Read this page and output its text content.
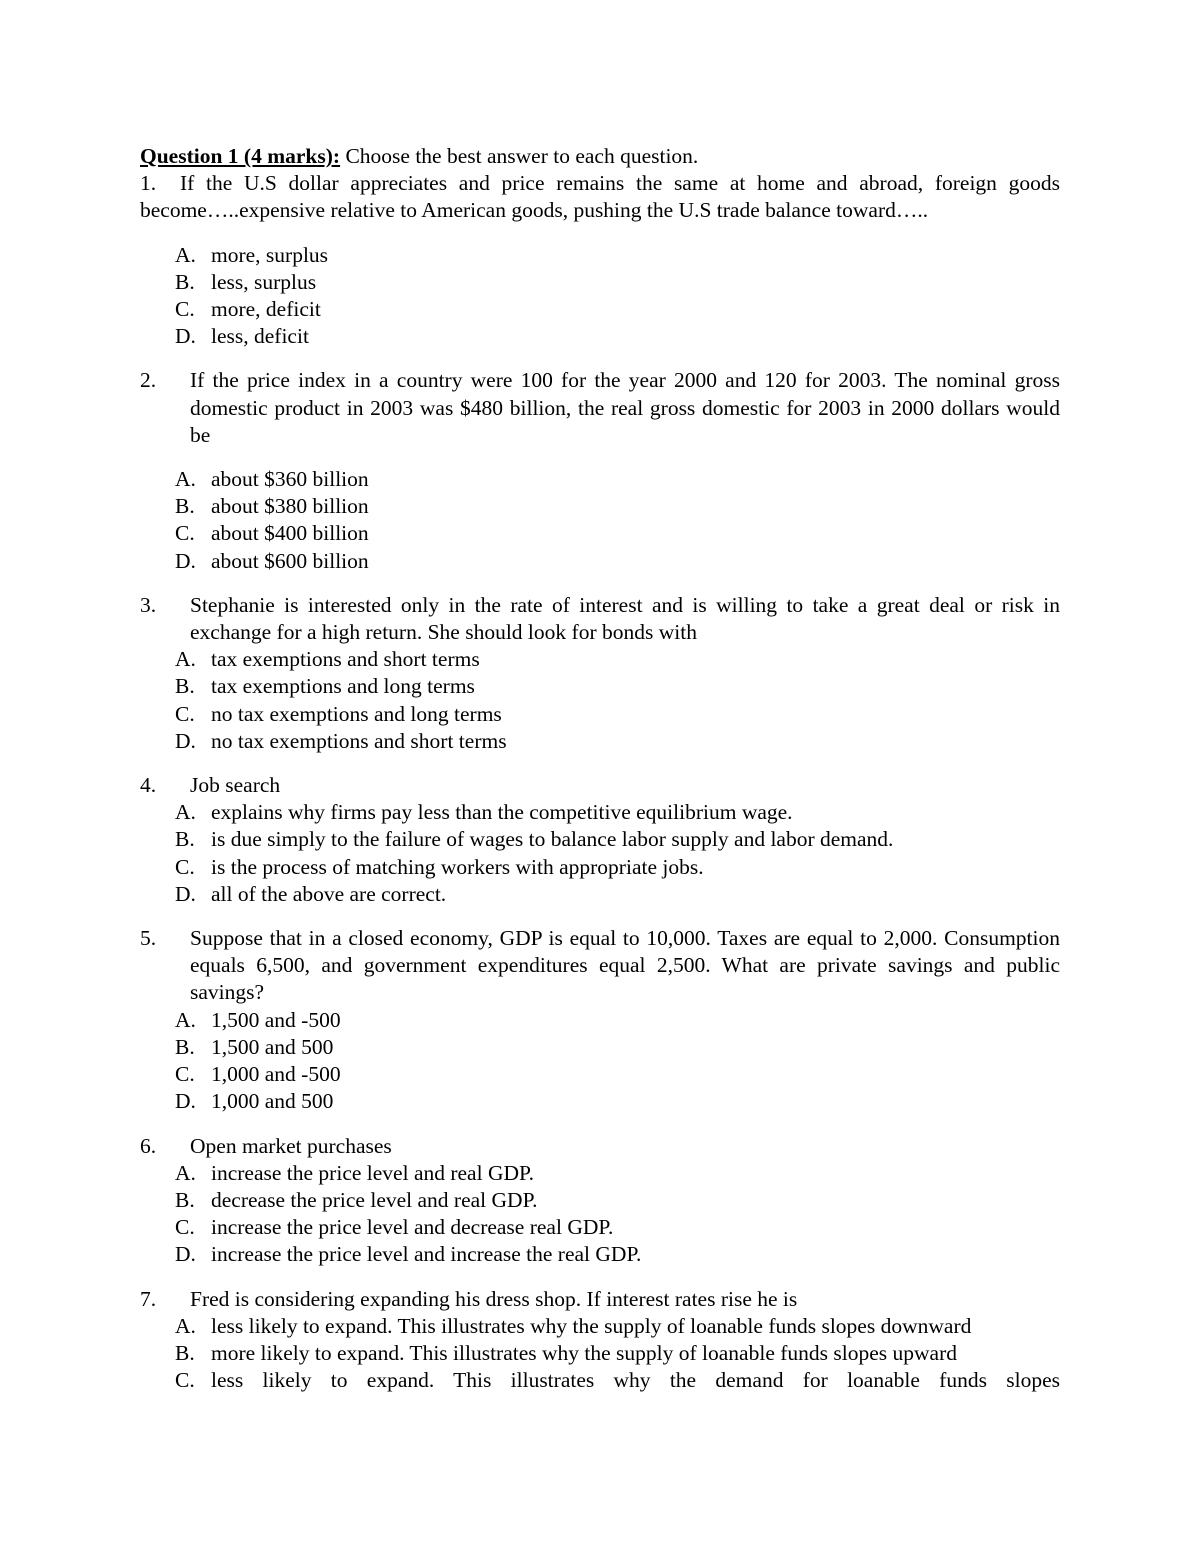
Question 1 (4 marks): Choose the best answer to each question.
1. If the U.S dollar appreciates and price remains the same at home and abroad, foreign goods become…..expensive relative to American goods, pushing the U.S trade balance toward…..
A. more, surplus
B. less, surplus
C. more, deficit
D. less, deficit
2.	If the price index in a country were 100 for the year 2000 and 120 for 2003. The nominal gross domestic product in 2003 was $480 billion, the real gross domestic for 2003 in 2000 dollars would be
A. about $360 billion
B. about $380 billion
C. about $400 billion
D. about $600 billion
3.	Stephanie is interested only in the rate of interest and is willing to take a great deal or risk in exchange for a high return. She should look for bonds with
A. tax exemptions and short terms
B. tax exemptions and long terms
C. no tax exemptions and long terms
D. no tax exemptions and short terms
4.	Job search
A. explains why firms pay less than the competitive equilibrium wage.
B. is due simply to the failure of wages to balance labor supply and labor demand.
C. is the process of matching workers with appropriate jobs.
D. all of the above are correct.
5.	Suppose that in a closed economy, GDP is equal to 10,000. Taxes are equal to 2,000. Consumption equals 6,500, and government expenditures equal 2,500. What are private savings and public savings?
A. 1,500 and -500
B. 1,500 and 500
C. 1,000 and -500
D. 1,000 and 500
6.	Open market purchases
A. increase the price level and real GDP.
B. decrease the price level and real GDP.
C. increase the price level and decrease real GDP.
D. increase the price level and increase the real GDP.
7.	Fred is considering expanding his dress shop. If interest rates rise he is
A. less likely to expand. This illustrates why the supply of loanable funds slopes downward
B. more likely to expand. This illustrates why the supply of loanable funds slopes upward
C. less likely to expand. This illustrates why the demand for loanable funds slopes
